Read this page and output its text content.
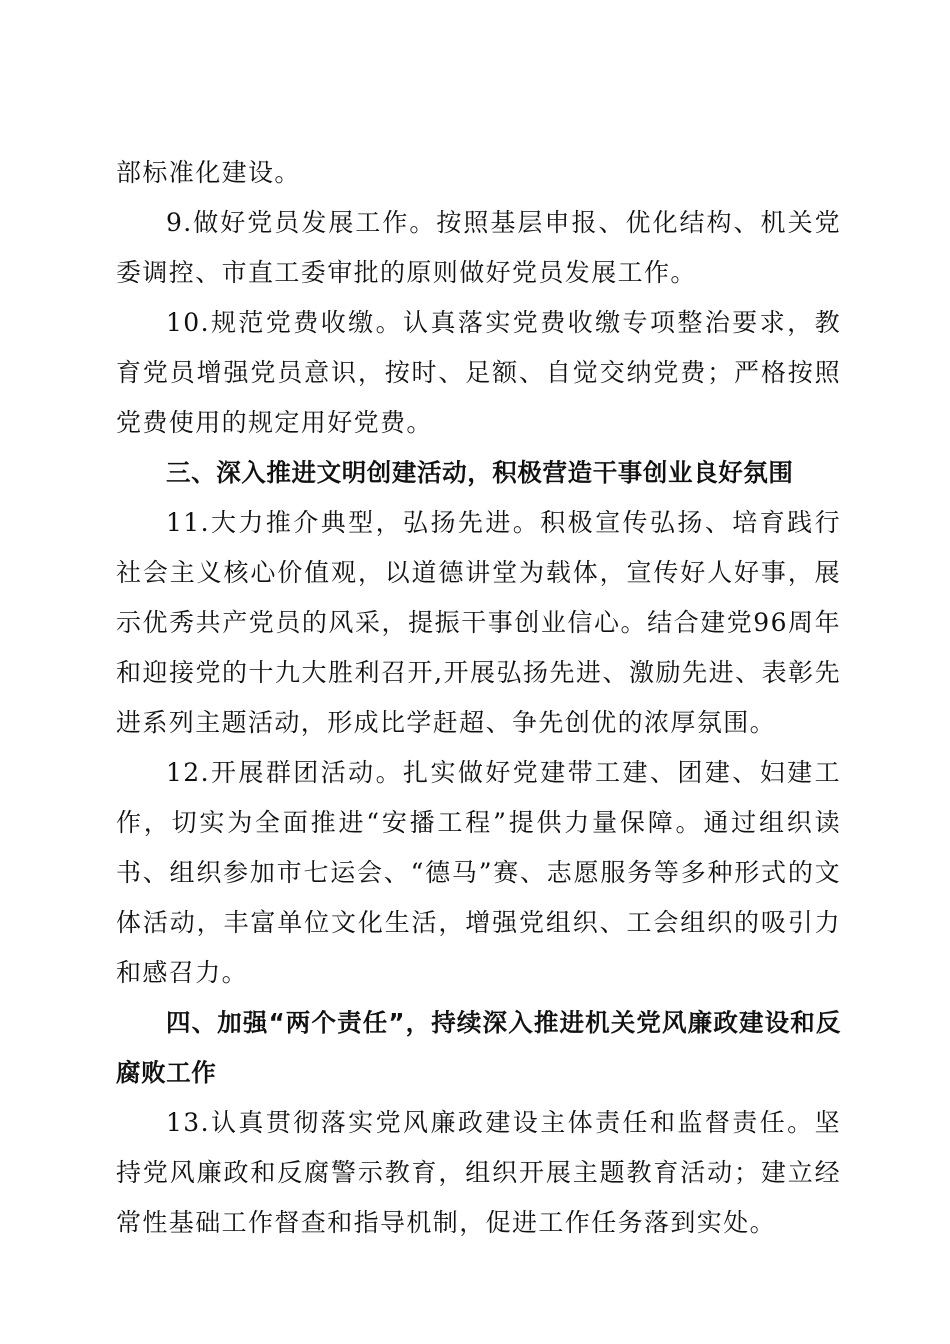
部标准化建设。

9.做好党员发展工作。按照基层申报、优化结构、机关党委调控、市直工委审批的原则做好党员发展工作。

10.规范党费收缴。认真落实党费收缴专项整治要求，教育党员增强党员意识，按时、足额、自觉交纳党费；严格按照党费使用的规定用好党费。

三、深入推进文明创建活动，积极营造干事创业良好氛围

11.大力推介典型，弘扬先进。积极宣传弘扬、培育践行社会主义核心价值观，以道德讲堂为载体，宣传好人好事，展示优秀共产党员的风采，提振干事创业信心。结合建党96周年和迎接党的十九大胜利召开,开展弘扬先进、激励先进、表彰先进系列主题活动，形成比学赶超、争先创优的浓厚氛围。

12.开展群团活动。扎实做好党建带工建、团建、妇建工作，切实为全面推进“安播工程”提供力量保障。通过组织读书、组织参加市七运会、“德马”赛、志愿服务等多种形式的文体活动，丰富单位文化生活，增强党组织、工会组织的吸引力和感召力。

四、加强“两个责任”，持续深入推进机关党风廉政建设和反腐败工作

13.认真贯彻落实党风廉政建设主体责任和监督责任。坚持党风廉政和反腐警示教育，组织开展主题教育活动；建立经常性基础工作督查和指导机制，促进工作任务落到实处。
